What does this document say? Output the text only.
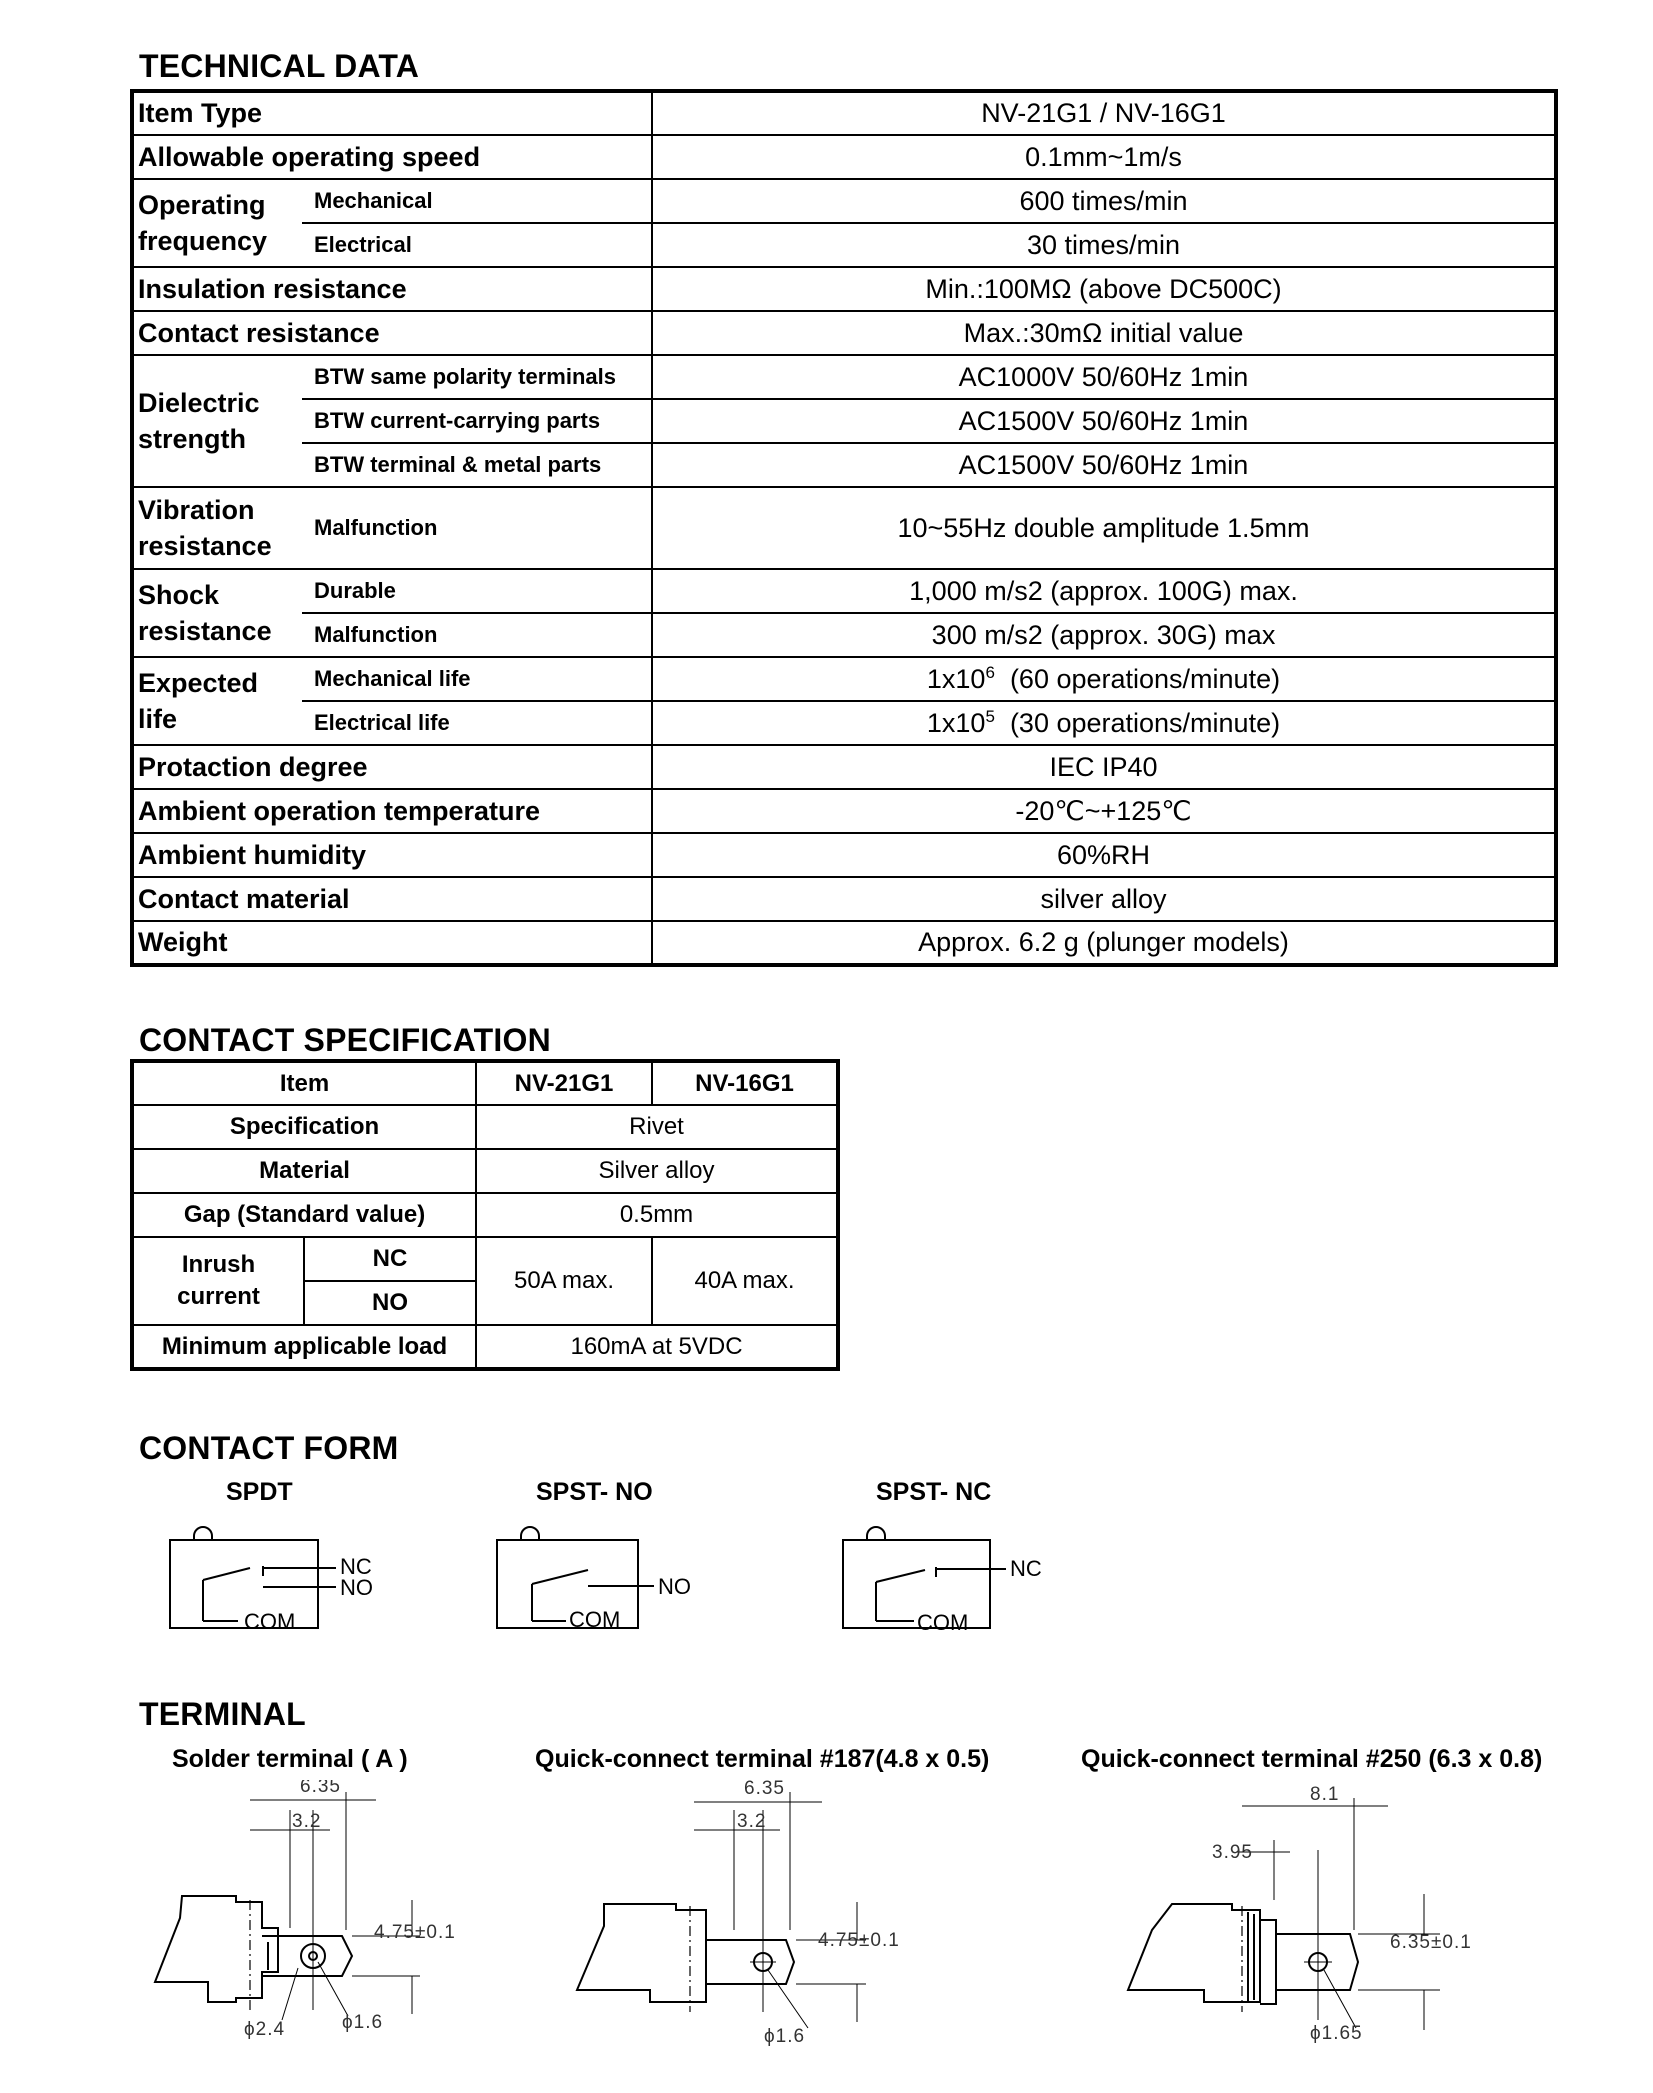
TECHNICAL DATA
Item Type		NV-21G1 / NV-16G1
Allowable operating speed		0.1mm~1m/s
Operating frequency	Mechanical	600 times/min
	Electrical	30 times/min
Insulation resistance		Min.:100MΩ (above DC500C)
Contact resistance		Max.:30mΩ initial value
Dielectric strength	BTW same polarity terminals	AC1000V 50/60Hz 1min
	BTW current-carrying parts	AC1500V 50/60Hz 1min
	BTW terminal & metal parts	AC1500V 50/60Hz 1min
Vibration resistance	Malfunction	10~55Hz double amplitude 1.5mm
Shock resistance	Durable	1,000 m/s2 (approx. 100G) max.
	Malfunction	300 m/s2 (approx. 30G) max
Expected life	Mechanical life	$1x10^6$ (60 operations/minute)
	Electrical life	$1x10^5$ (30 operations/minute)
Protaction degree		IEC IP40
Ambient operation temperature		-20℃~+125℃
Ambient humidity		60%RH
Contact material		silver alloy
Weight		Approx. 6.2 g (plunger models)
CONTACT SPECIFICATION
Item		NV-21G1	NV-16G1
Specification		Rivet	
Material		Silver alloy	
Gap (Standard value)		0.5mm	
Inrush current	NC	50A max.	40A max.
	NO		
Minimum applicable load		160mA at 5VDC	
CONTACT FORM
SPDT	SPST- NO	SPST- NC
NC
NO
COM
NO
COM
NC
COM
TERMINAL
Solder terminal ( A )	Quick-connect terminal #187(4.8 x 0.5)	Quick-connect terminal #250 (6.3 x 0.8)
6.35
3.2
4.75±0.1
ϕ2.4	ϕ1.6
6.35
3.2
4.75±0.1
ϕ1.6
8.1
3.95
6.35±0.1
ϕ1.65
